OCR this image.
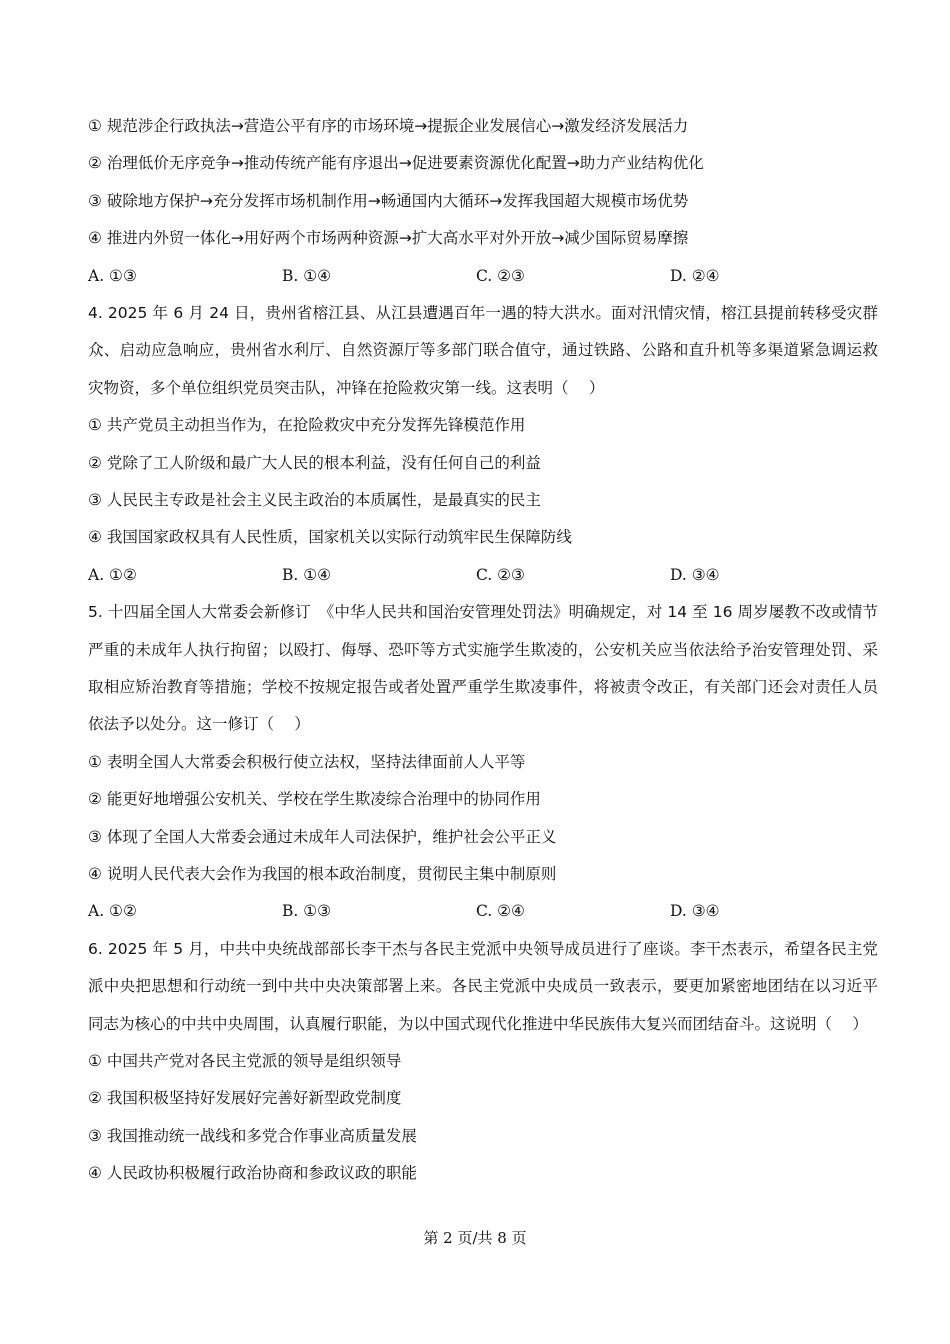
① 规范涉企行政执法→营造公平有序的市场环境→提振企业发展信心→激发经济发展活力
② 治理低价无序竞争→推动传统产能有序退出→促进要素资源优化配置→助力产业结构优化
③ 破除地方保护→充分发挥市场机制作用→畅通国内大循环→发挥我国超大规模市场优势
④ 推进内外贸一体化→用好两个市场两种资源→扩大高水平对外开放→减少国际贸易摩擦
A. ①③	B. ①④	C. ②③	D. ②④
4. 2025 年 6 月 24 日，贵州省榕江县、从江县遭遇百年一遇的特大洪水。面对汛情灾情，榕江县提前转移受灾群众、启动应急响应，贵州省水利厅、自然资源厅等多部门联合值守，通过铁路、公路和直升机等多渠道紧急调运救灾物资，多个单位组织党员突击队，冲锋在抢险救灾第一线。这表明（　 ）
① 共产党员主动担当作为，在抢险救灾中充分发挥先锋模范作用
② 党除了工人阶级和最广大人民的根本利益，没有任何自己的利益
③ 人民民主专政是社会主义民主政治的本质属性，是最真实的民主
④ 我国国家政权具有人民性质，国家机关以实际行动筑牢民生保障防线
A. ①②	B. ①④	C. ②③	D. ③④
5. 十四届全国人大常委会新修订　《中华人民共和国治安管理处罚法》明确规定，对 14 至 16 周岁屡教不改或情节严重的未成年人执行拘留；以殴打、侮辱、恐吓等方式实施学生欺凌的，公安机关应当依法给予治安管理处罚、采取相应矫治教育等措施；学校不按规定报告或者处置严重学生欺凌事件，将被责令改正，有关部门还会对责任人员依法予以处分。这一修订（　 ）
① 表明全国人大常委会积极行使立法权，坚持法律面前人人平等
② 能更好地增强公安机关、学校在学生欺凌综合治理中的协同作用
③ 体现了全国人大常委会通过未成年人司法保护，维护社会公平正义
④ 说明人民代表大会作为我国的根本政治制度，贯彻民主集中制原则
A. ①②	B. ①③	C. ②④	D. ③④
6. 2025 年 5 月，中共中央统战部部长李干杰与各民主党派中央领导成员进行了座谈。李干杰表示，希望各民主党派中央把思想和行动统一到中共中央决策部署上来。各民主党派中央成员一致表示，要更加紧密地团结在以习近平同志为核心的中共中央周围，认真履行职能，为以中国式现代化推进中华民族伟大复兴而团结奋斗。这说明（　 ）
① 中国共产党对各民主党派的领导是组织领导
② 我国积极坚持好发展好完善好新型政党制度
③ 我国推动统一战线和多党合作事业高质量发展
④ 人民政协积极履行政治协商和参政议政的职能
第 2 页/共 8 页
